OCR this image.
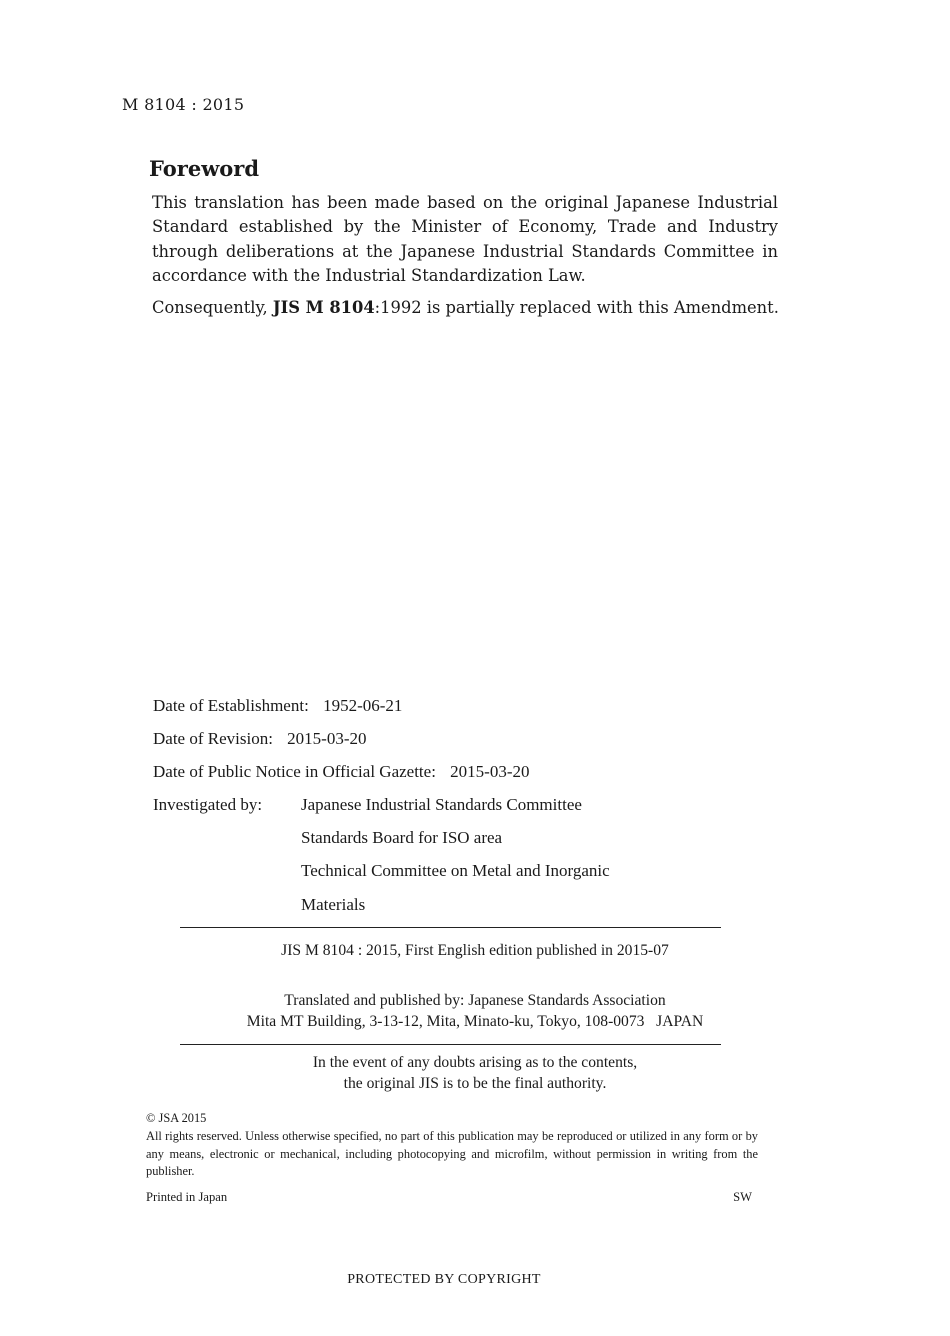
M 8104 : 2015
Foreword

This translation has been made based on the original Japanese Industrial Standard established by the Minister of Economy, Trade and Industry through deliberations at the Japanese Industrial Standards Committee in accordance with the Industrial Standardization Law.

Consequently, JIS M 8104:1992 is partially replaced with this Amendment.

Date of Establishment: 1952-06-21
Date of Revision: 2015-03-20
Date of Public Notice in Official Gazette: 2015-03-20
Investigated by: Japanese Industrial Standards Committee
Standards Board for ISO area
Technical Committee on Metal and Inorganic
Materials
JIS M 8104 : 2015, First English edition published in 2015-07
Translated and published by: Japanese Standards Association
Mita MT Building, 3-13-12, Mita, Minato-ku, Tokyo, 108-0073   JAPAN
In the event of any doubts arising as to the contents,
the original JIS is to be the final authority.
© JSA 2015
All rights reserved. Unless otherwise specified, no part of this publication may be reproduced or utilized in any form or by any means, electronic or mechanical, including photocopying and microfilm, without permission in writing from the publisher.
Printed in Japan	SW
PROTECTED BY COPYRIGHT
